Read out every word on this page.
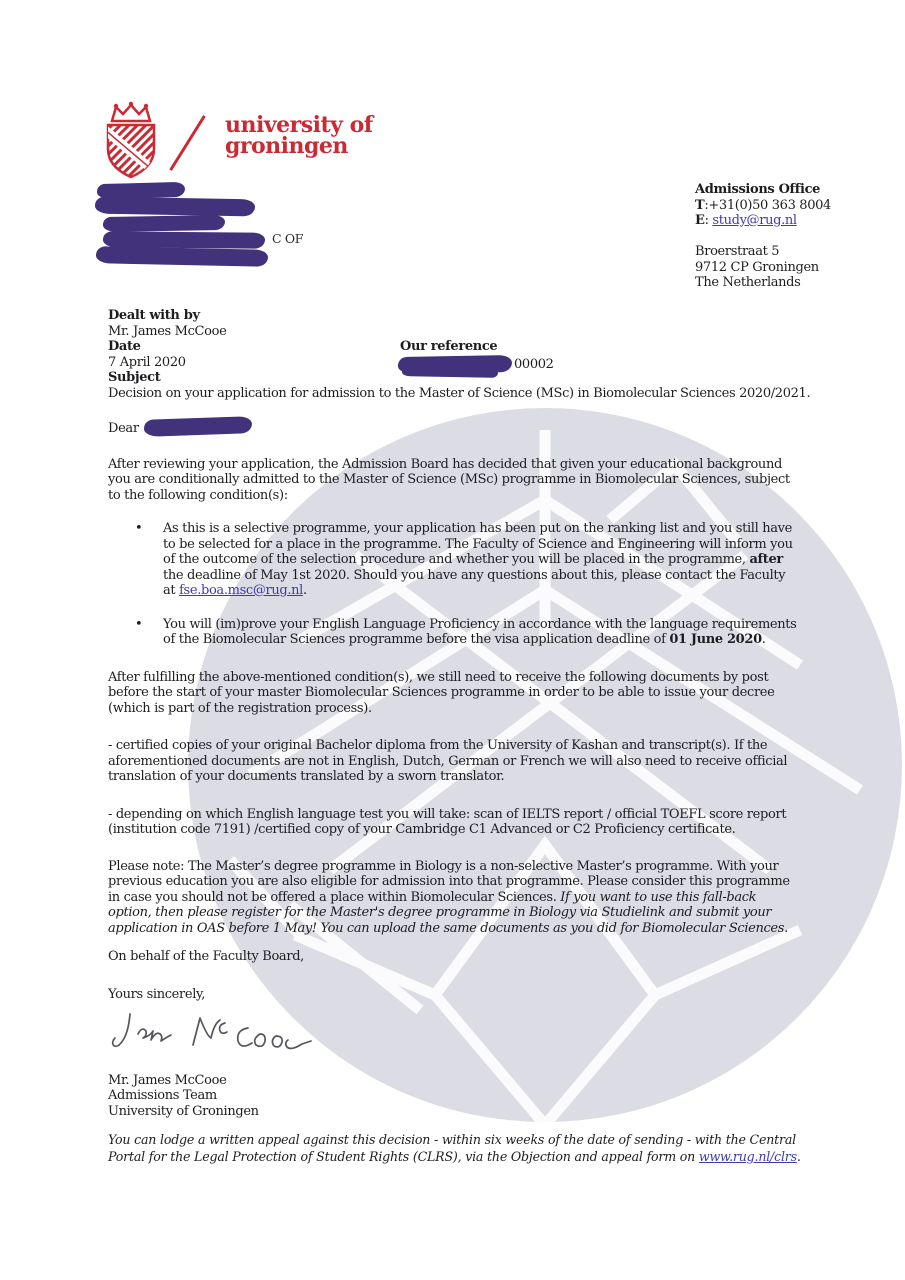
university of
groningen
C OF
Admissions Office
T:+31(0)50 363 8004
E: study@rug.nl
Broerstraat 5
9712 CP Groningen
The Netherlands
Dealt with by
Mr. James McCooe
Date
7 April 2020
Subject
Decision on your application for admission to the Master of Science (MSc) in Biomolecular Sciences 2020/2021.
Our reference
00002
Dear

After reviewing your application, the Admission Board has decided that given your educational background you are conditionally admitted to the Master of Science (MSc) programme in Biomolecular Sciences, subject to the following condition(s):

•	As this is a selective programme, your application has been put on the ranking list and you still have to be selected for a place in the programme. The Faculty of Science and Engineering will inform you of the outcome of the selection procedure and whether you will be placed in the programme, after the deadline of May 1st 2020. Should you have any questions about this, please contact the Faculty at fse.boa.msc@rug.nl.
•	You will (im)prove your English Language Proficiency in accordance with the language requirements of the Biomolecular Sciences programme before the visa application deadline of 01 June 2020.

After fulfilling the above-mentioned condition(s), we still need to receive the following documents by post before the start of your master Biomolecular Sciences programme in order to be able to issue your decree (which is part of the registration process).

- certified copies of your original Bachelor diploma from the University of Kashan and transcript(s). If the aforementioned documents are not in English, Dutch, German or French we will also need to receive official translation of your documents translated by a sworn translator.

- depending on which English language test you will take: scan of IELTS report / official TOEFL score report (institution code 7191) /certified copy of your Cambridge C1 Advanced or C2 Proficiency certificate.

Please note: The Master’s degree programme in Biology is a non-selective Master’s programme. With your previous education you are also eligible for admission into that programme. Please consider this programme in case you should not be offered a place within Biomolecular Sciences. If you want to use this fall-back option, then please register for the Master's degree programme in Biology via Studielink and submit your application in OAS before 1 May! You can upload the same documents as you did for Biomolecular Sciences.

On behalf of the Faculty Board,

Yours sincerely,

Mr. James McCooe
Admissions Team
University of Groningen
You can lodge a written appeal against this decision - within six weeks of the date of sending - with the Central Portal for the Legal Protection of Student Rights (CLRS), via the Objection and appeal form on www.rug.nl/clrs.
